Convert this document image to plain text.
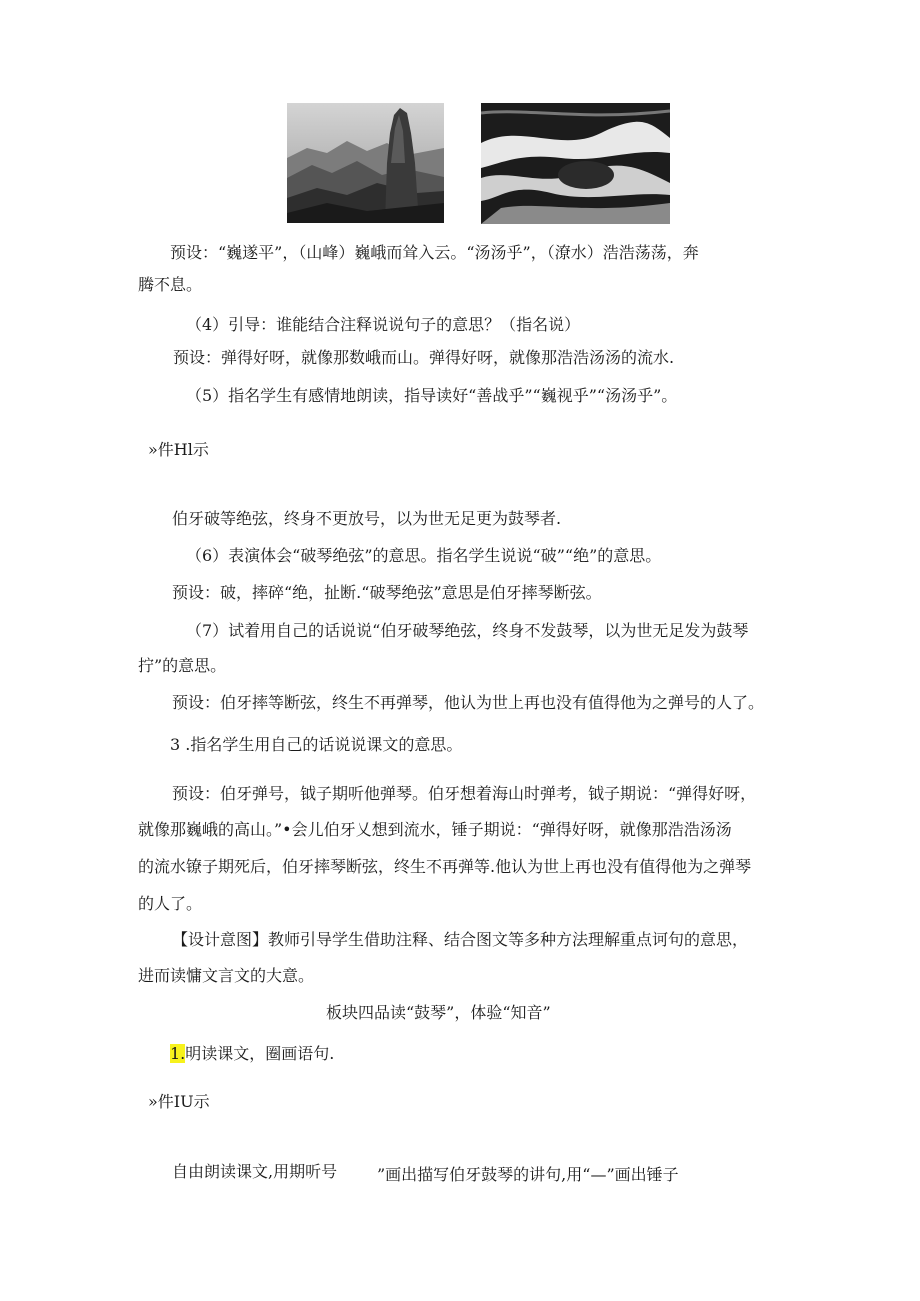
预设：“巍遂平”，（山峰）巍峨而耸入云。“汤汤乎”，（潦水）浩浩荡荡，奔
腾不息。
（4）引导：谁能结合注释说说句子的意思？（指名说）
预设：弹得好呀，就像那数峨而山。弹得好呀，就像那浩浩汤汤的流水.
（5）指名学生有感情地朗读，指导读好“善战乎”“巍视乎”“汤汤乎”。
»件Hl示
伯牙破等绝弦，终身不更放号，以为世无足更为鼓琴者.
（6）表演体会“破琴绝弦”的意思。指名学生说说“破”“绝”的意思。
预设：破，摔碎“绝，扯断.“破琴绝弦”意思是伯牙摔琴断弦。
（7）试着用自己的话说说“伯牙破琴绝弦，终身不发鼓琴，以为世无足发为鼓琴
拧”的意思。
预设：伯牙摔等断弦，终生不再弹琴，他认为世上再也没有值得他为之弹号的人了。
3 .指名学生用自己的话说说课文的意思。
预设：伯牙弹号，钺子期听他弹琴。伯牙想着海山时弹考，钺子期说：“弹得好呀，
就像那巍峨的高山。”•会儿伯牙乂想到流水，锤子期说：“弹得好呀，就像那浩浩汤汤
的流水镣子期死后，伯牙摔琴断弦，终生不再弹等.他认为世上再也没有值得他为之弹琴
的人了。
【设计意图】教师引导学生借助注释、结合图文等多种方法理解重点诃句的意思，
进而读慵文言文的大意。
板块四品读“鼓琴”，体验“知音”
1.明读课文，圈画语句.
»件IU示
自由朗读课文,用期听号 ”画出描写伯牙鼓琴的讲句,用“—”画出锤子
